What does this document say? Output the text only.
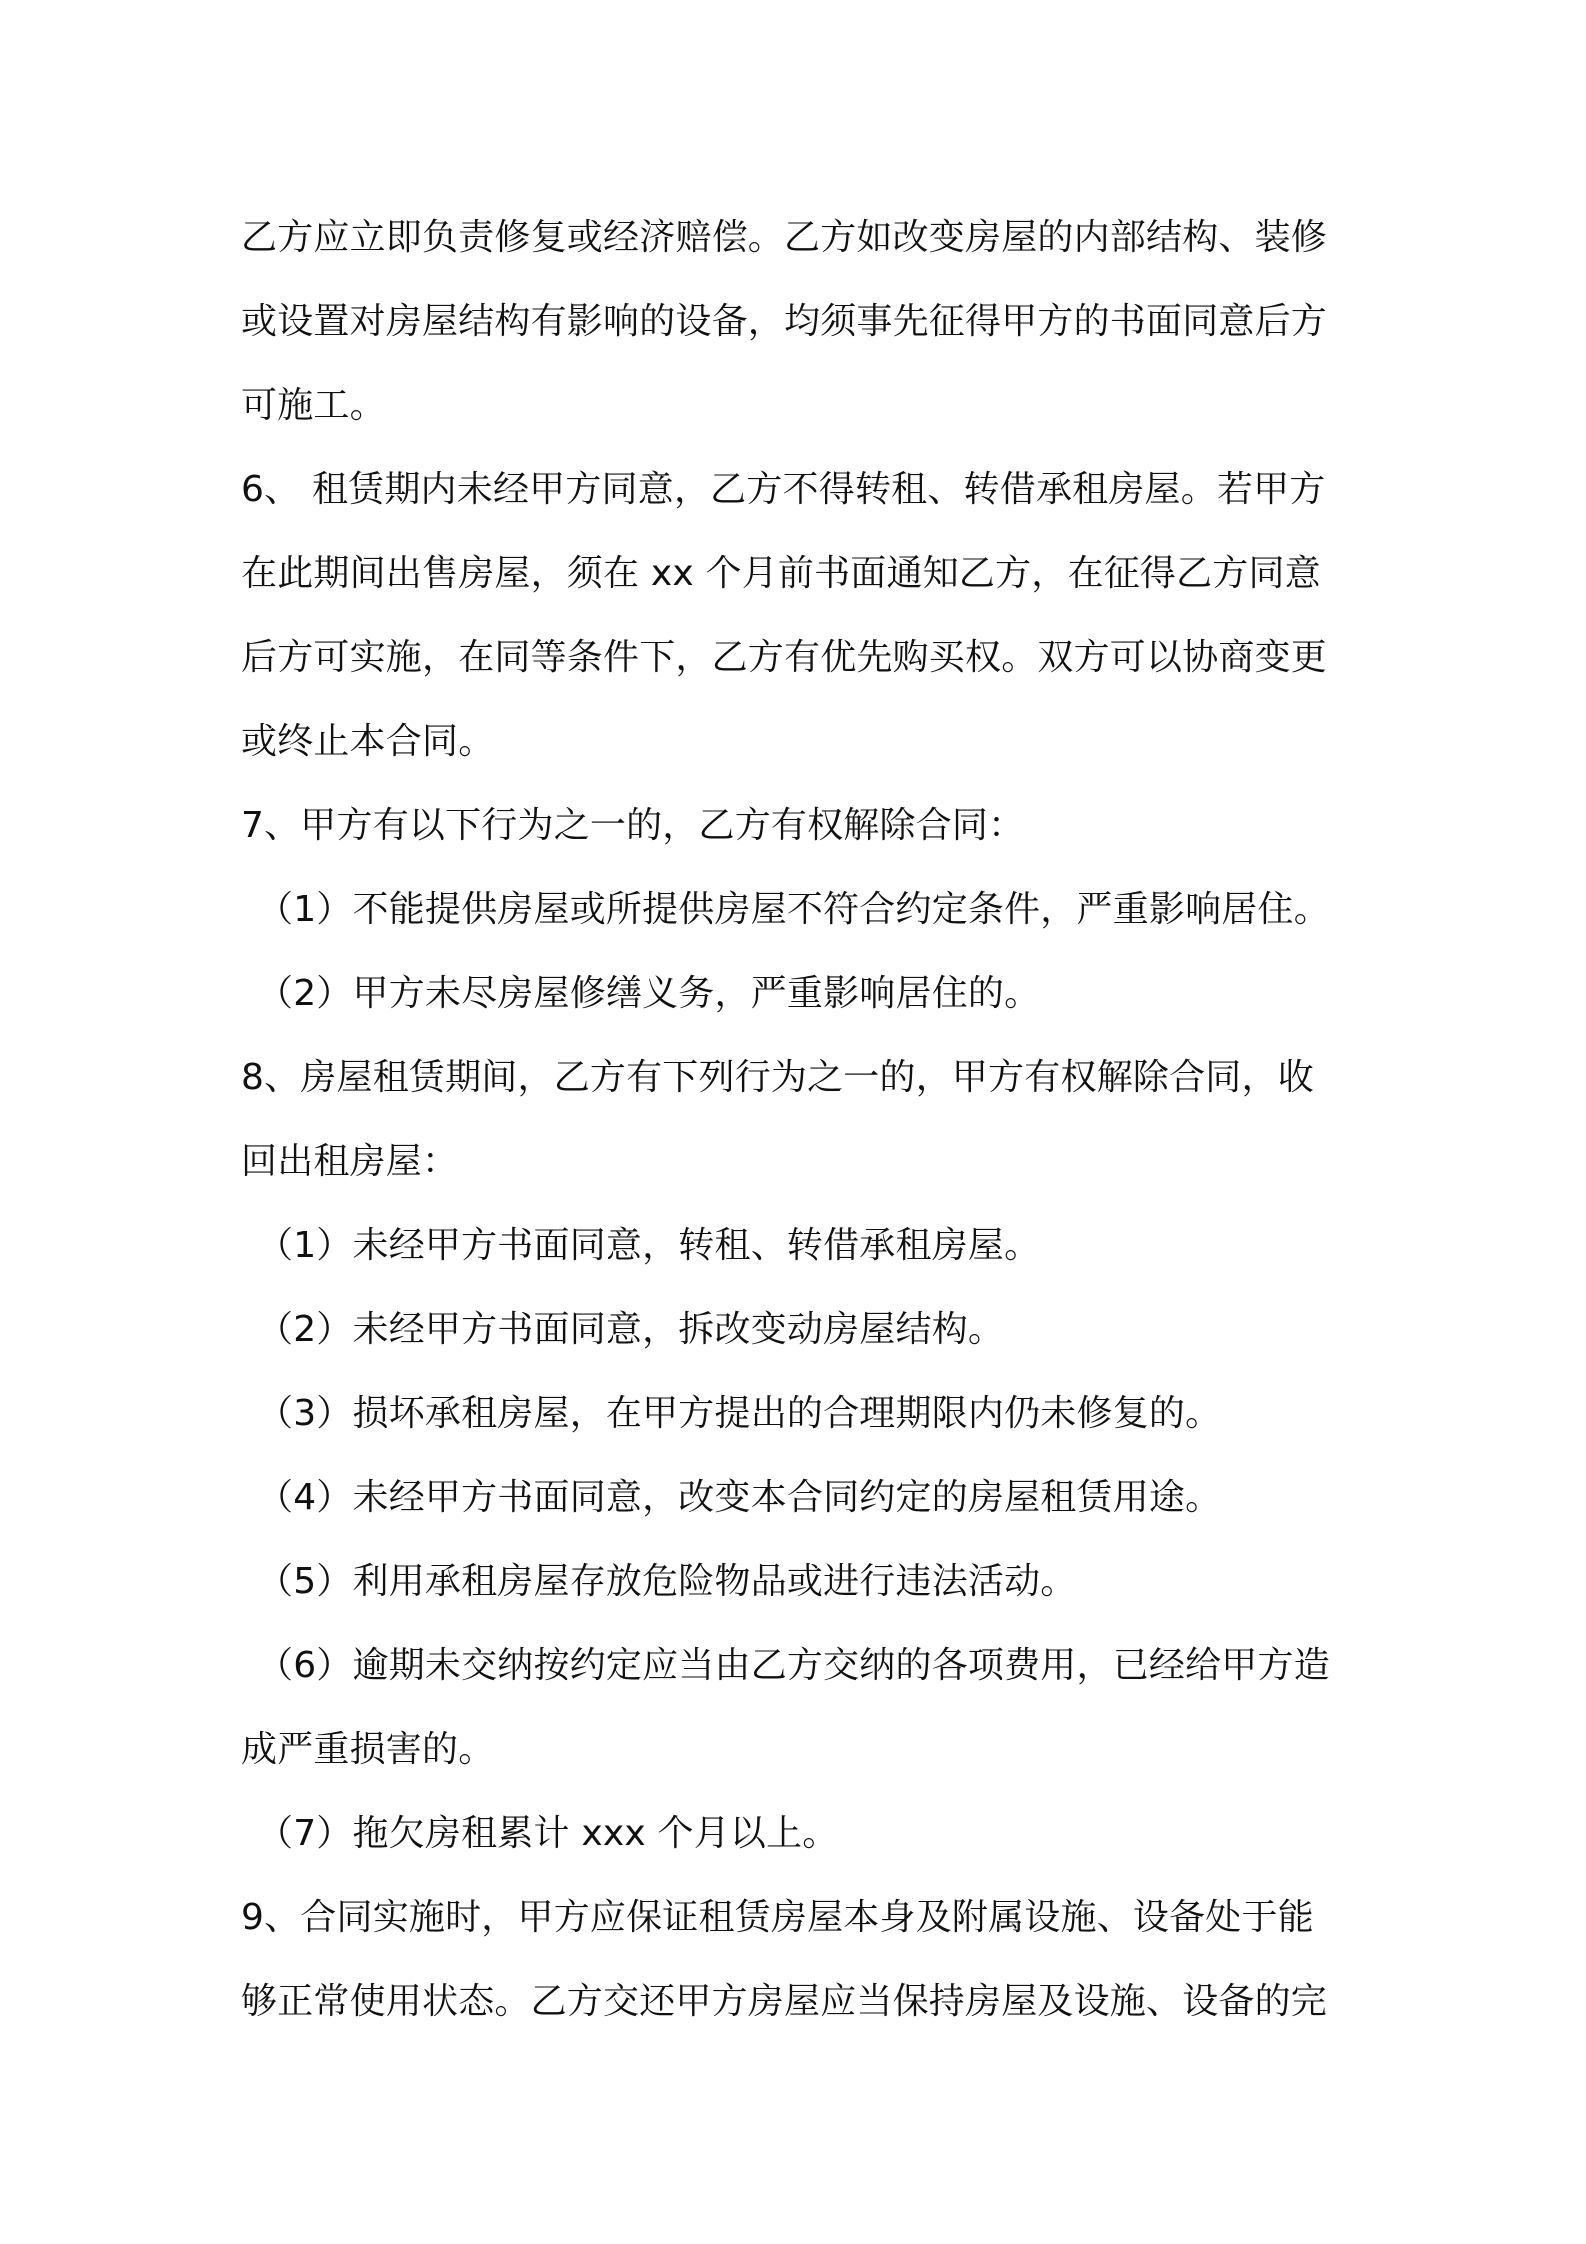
乙方应立即负责修复或经济赔偿。乙方如改变房屋的内部结构、装修
或设置对房屋结构有影响的设备，均须事先征得甲方的书面同意后方
可施工。
6、 租赁期内未经甲方同意，乙方不得转租、转借承租房屋。若甲方
在此期间出售房屋，须在 xx 个月前书面通知乙方，在征得乙方同意
后方可实施，在同等条件下，乙方有优先购买权。双方可以协商变更
或终止本合同。
7、甲方有以下行为之一的，乙方有权解除合同：
（1）不能提供房屋或所提供房屋不符合约定条件，严重影响居住。
（2）甲方未尽房屋修缮义务，严重影响居住的。
8、房屋租赁期间，乙方有下列行为之一的，甲方有权解除合同，收
回出租房屋：
（1）未经甲方书面同意，转租、转借承租房屋。
（2）未经甲方书面同意，拆改变动房屋结构。
（3）损坏承租房屋，在甲方提出的合理期限内仍未修复的。
（4）未经甲方书面同意，改变本合同约定的房屋租赁用途。
（5）利用承租房屋存放危险物品或进行违法活动。
（6）逾期未交纳按约定应当由乙方交纳的各项费用，已经给甲方造
成严重损害的。
（7）拖欠房租累计 xxx 个月以上。
9、合同实施时，甲方应保证租赁房屋本身及附属设施、设备处于能
够正常使用状态。乙方交还甲方房屋应当保持房屋及设施、设备的完
